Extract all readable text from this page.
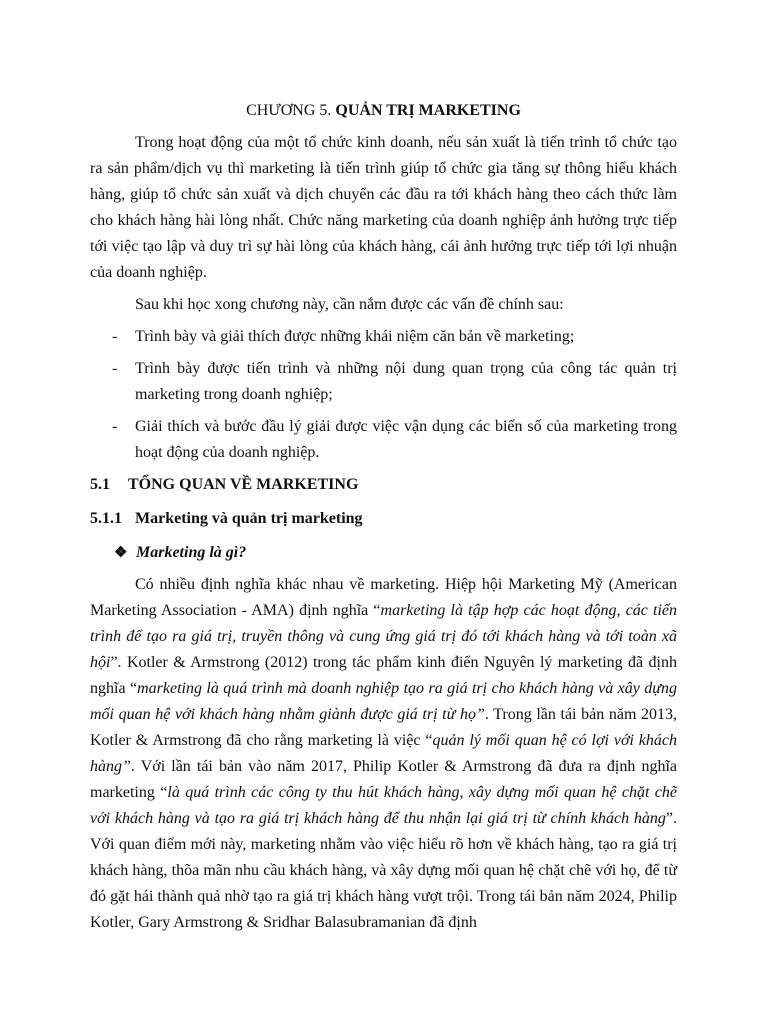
CHƯƠNG 5. QUẢN TRỊ MARKETING

Trong hoạt động của một tổ chức kinh doanh, nếu sản xuất là tiến trình tổ chức tạo ra sản phẩm/dịch vụ thì marketing là tiến trình giúp tổ chức gia tăng sự thông hiểu khách hàng, giúp tổ chức sản xuất và dịch chuyển các đầu ra tới khách hàng theo cách thức làm cho khách hàng hài lòng nhất. Chức năng marketing của doanh nghiệp ảnh hưởng trực tiếp tới việc tạo lập và duy trì sự hài lòng của khách hàng, cái ảnh hưởng trực tiếp tới lợi nhuận của doanh nghiệp.

Sau khi học xong chương này, cần nắm được các vấn đề chính sau:

- Trình bày và giải thích được những khái niệm căn bản về marketing;
- Trình bày được tiến trình và những nội dung quan trọng của công tác quản trị marketing trong doanh nghiệp;
- Giải thích và bước đầu lý giải được việc vận dụng các biến số của marketing trong hoạt động của doanh nghiệp.
5.1	TỔNG QUAN VỀ MARKETING
5.1.1 Marketing và quản trị marketing
❖ Marketing là gì?

Có nhiều định nghĩa khác nhau về marketing. Hiệp hội Marketing Mỹ (American Marketing Association - AMA) định nghĩa “marketing là tập hợp các hoạt động, các tiến trình để tạo ra giá trị, truyền thông và cung ứng giá trị đó tới khách hàng và tới toàn xã hội”. Kotler & Armstrong (2012) trong tác phẩm kinh điển Nguyên lý marketing đã định nghĩa “marketing là quá trình mà doanh nghiệp tạo ra giá trị cho khách hàng và xây dựng mối quan hệ với khách hàng nhằm giành được giá trị từ họ”. Trong lần tái bản năm 2013, Kotler & Armstrong đã cho rằng marketing là việc “quản lý mối quan hệ có lợi với khách hàng”. Với lần tái bản vào năm 2017, Philip Kotler & Armstrong đã đưa ra định nghĩa marketing “là quá trình các công ty thu hút khách hàng, xây dựng mối quan hệ chặt chẽ với khách hàng và tạo ra giá trị khách hàng để thu nhận lại giá trị từ chính khách hàng”. Với quan điểm mới này, marketing nhằm vào việc hiểu rõ hơn về khách hàng, tạo ra giá trị khách hàng, thõa mãn nhu cầu khách hàng, và xây dựng mối quan hệ chặt chẽ với họ, để từ đó gặt hái thành quả nhờ tạo ra giá trị khách hàng vượt trội. Trong tái bản năm 2024, Philip Kotler, Gary Armstrong & Sridhar Balasubramanian đã định
